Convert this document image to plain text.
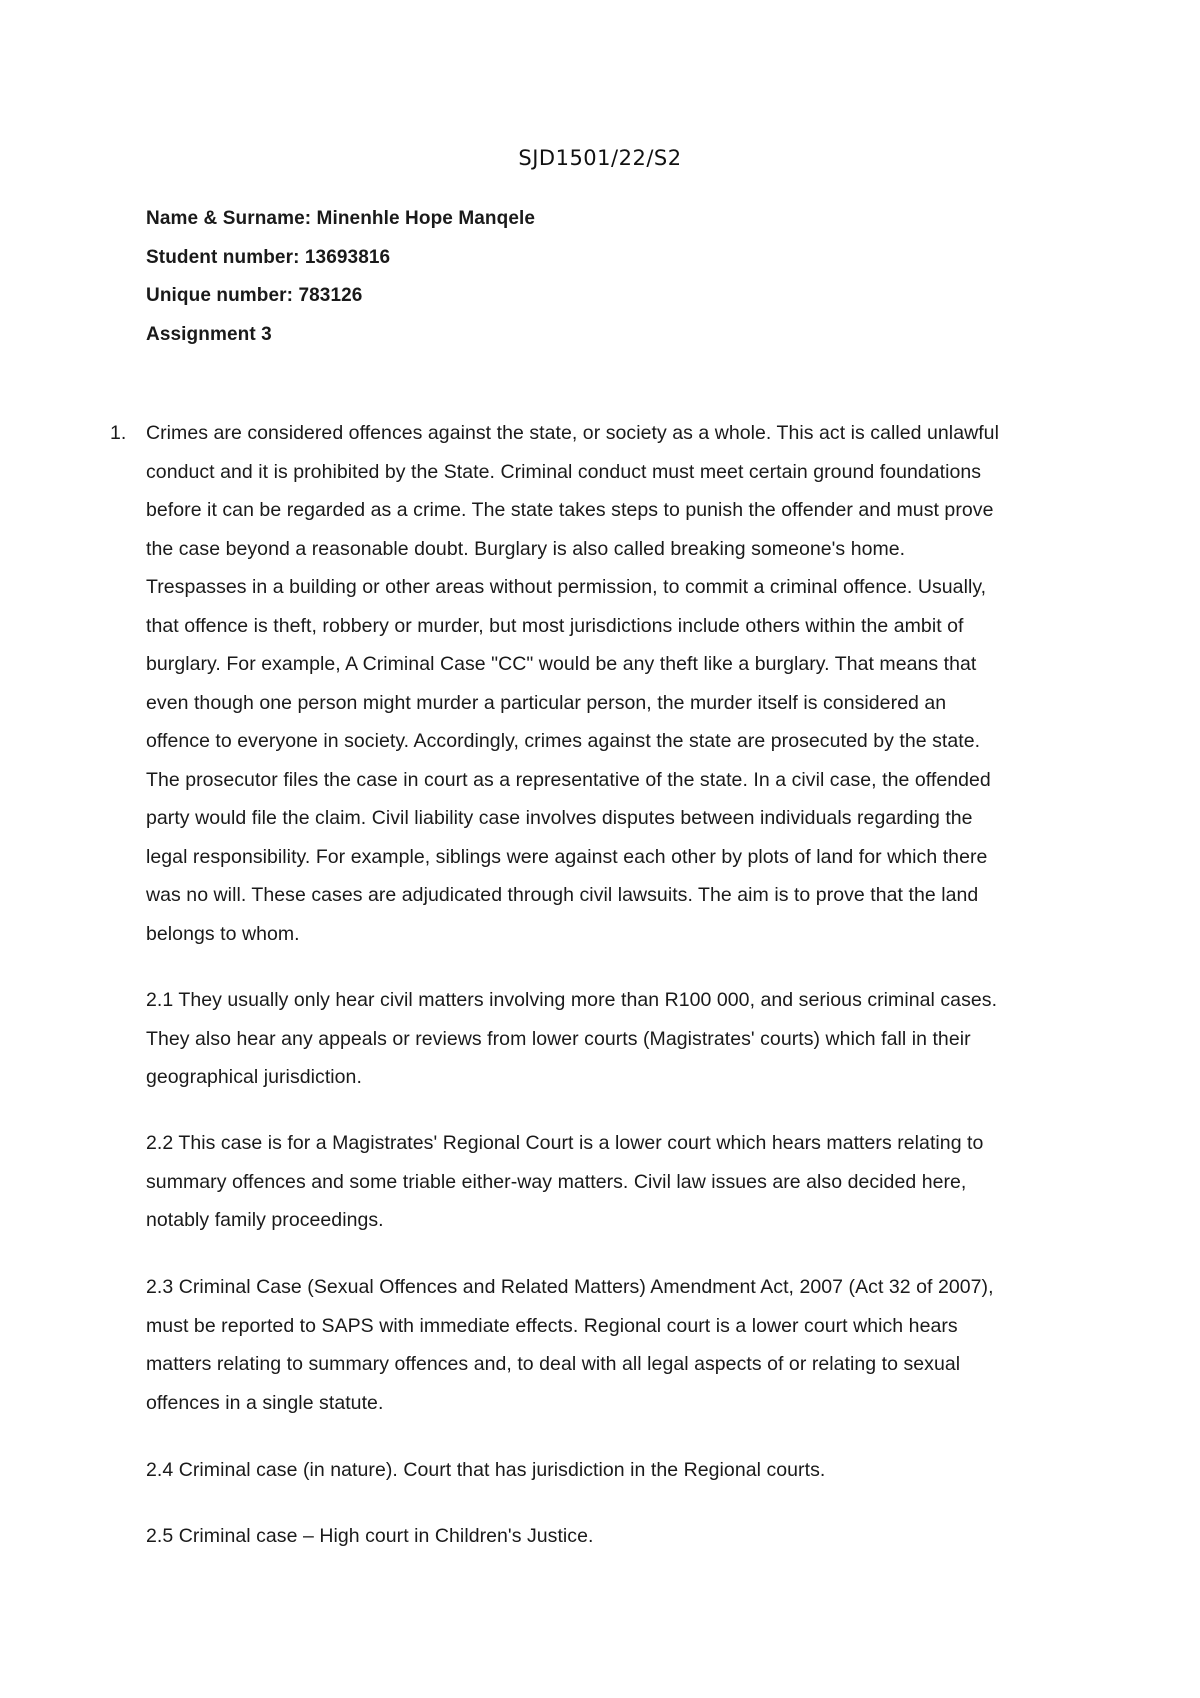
SJD1501/22/S2
Name & Surname: Minenhle Hope Manqele
Student number: 13693816
Unique number: 783126
Assignment 3
1. Crimes are considered offences against the state, or society as a whole. This act is called unlawful
conduct and it is prohibited by the State. Criminal conduct must meet certain ground foundations
before it can be regarded as a crime. The state takes steps to punish the offender and must prove
the case beyond a reasonable doubt. Burglary is also called breaking someone's home.
Trespasses in a building or other areas without permission, to commit a criminal offence. Usually,
that offence is theft, robbery or murder, but most jurisdictions include others within the ambit of
burglary. For example, A Criminal Case "CC" would be any theft like a burglary. That means that
even though one person might murder a particular person, the murder itself is considered an
offence to everyone in society. Accordingly, crimes against the state are prosecuted by the state.
The prosecutor files the case in court as a representative of the state. In a civil case, the offended
party would file the claim. Civil liability case involves disputes between individuals regarding the
legal responsibility. For example, siblings were against each other by plots of land for which there
was no will. These cases are adjudicated through civil lawsuits. The aim is to prove that the land
belongs to whom.
2.1 They usually only hear civil matters involving more than R100 000, and serious criminal cases.
They also hear any appeals or reviews from lower courts (Magistrates' courts) which fall in their
geographical jurisdiction.
2.2 This case is for a Magistrates' Regional Court is a lower court which hears matters relating to
summary offences and some triable either-way matters. Civil law issues are also decided here,
notably family proceedings.
2.3 Criminal Case (Sexual Offences and Related Matters) Amendment Act, 2007 (Act 32 of 2007),
must be reported to SAPS with immediate effects. Regional court is a lower court which hears
matters relating to summary offences and, to deal with all legal aspects of or relating to sexual
offences in a single statute.
2.4 Criminal case (in nature). Court that has jurisdiction in the Regional courts.
2.5 Criminal case – High court in Children's Justice.
